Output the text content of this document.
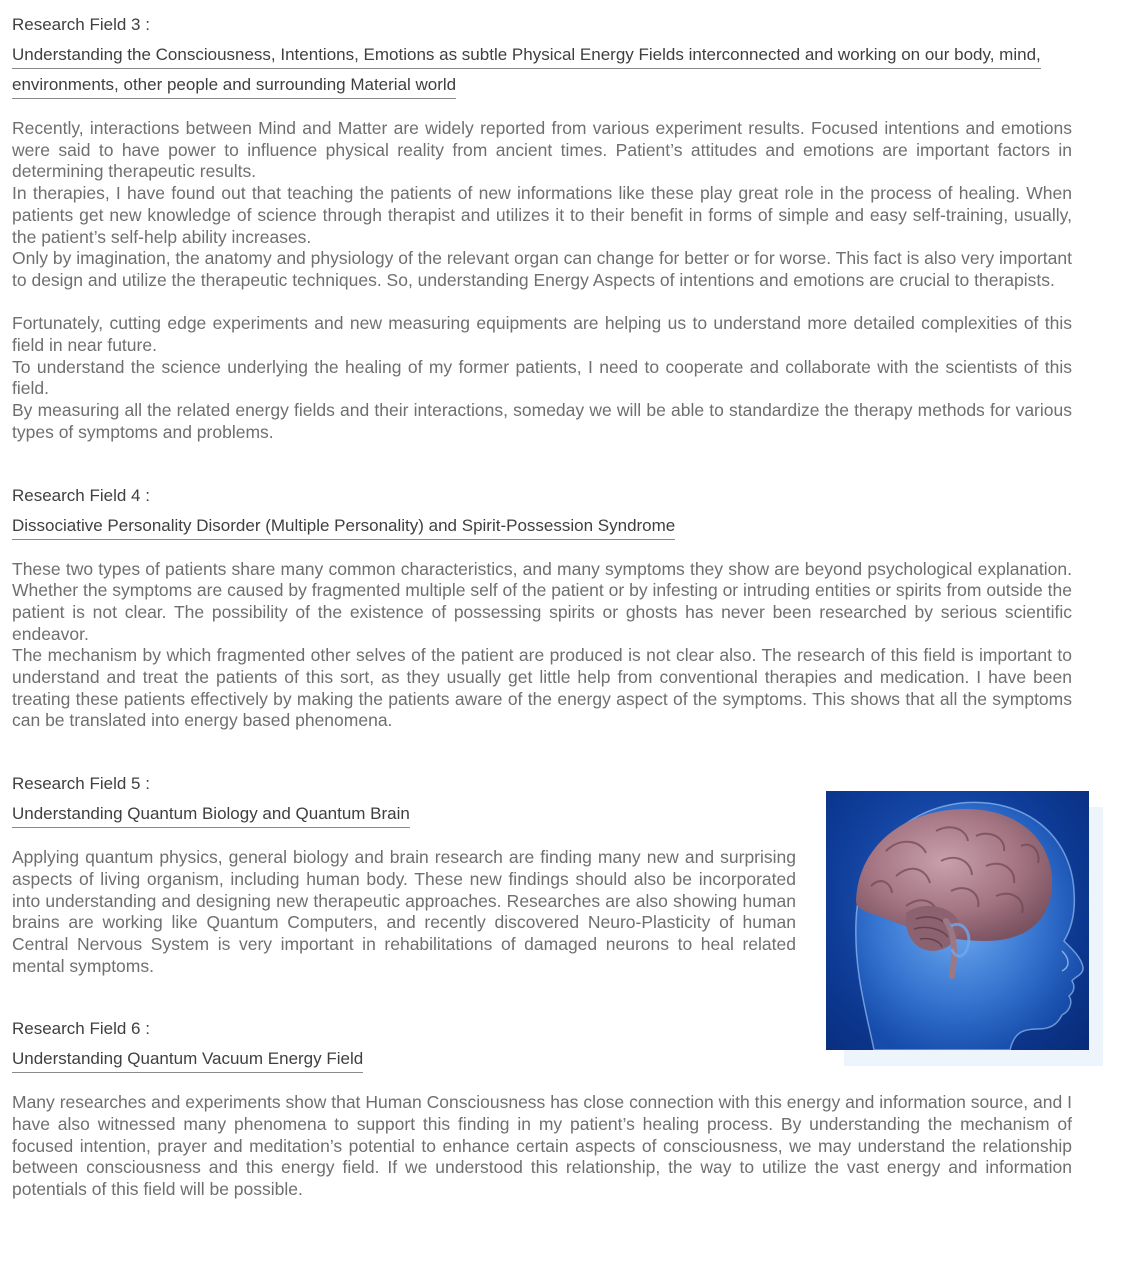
Research Field 3 :
Understanding the Consciousness, Intentions, Emotions as subtle Physical Energy Fields interconnected and working on our body, mind, environments, other people and surrounding Material world

Recently, interactions between Mind and Matter are widely reported from various experiment results. Focused intentions and emotions were said to have power to influence physical reality from ancient times. Patient’s attitudes and emotions are important factors in determining therapeutic results.

In therapies, I have found out that teaching the patients of new informations like these play great role in the process of healing. When patients get new knowledge of science through therapist and utilizes it to their benefit in forms of simple and easy self-training, usually, the patient’s self-help ability increases.

Only by imagination, the anatomy and physiology of the relevant organ can change for better or for worse. This fact is also very important to design and utilize the therapeutic techniques. So, understanding Energy Aspects of intentions and emotions are crucial to therapists.

Fortunately, cutting edge experiments and new measuring equipments are helping us to understand more detailed complexities of this field in near future.

To understand the science underlying the healing of my former patients, I need to cooperate and collaborate with the scientists of this field.

By measuring all the related energy fields and their interactions, someday we will be able to standardize the therapy methods for various types of symptoms and problems.

Research Field 4 :
Dissociative Personality Disorder (Multiple Personality) and Spirit-Possession Syndrome

These two types of patients share many common characteristics, and many symptoms they show are beyond psychological explanation. Whether the symptoms are caused by fragmented multiple self of the patient or by infesting or intruding entities or spirits from outside the patient is not clear. The possibility of the existence of possessing spirits or ghosts has never been researched by serious scientific endeavor.

The mechanism by which fragmented other selves of the patient are produced is not clear also. The research of this field is important to understand and treat the patients of this sort, as they usually get little help from conventional therapies and medication. I have been treating these patients effectively by making the patients aware of the energy aspect of the symptoms. This shows that all the symptoms can be translated into energy based phenomena.

Research Field 5 :
Understanding Quantum Biology and Quantum Brain

Applying quantum physics, general biology and brain research are finding many new and surprising aspects of living organism, including human body. These new findings should also be incorporated into understanding and designing new therapeutic approaches. Researches are also showing human brains are working like Quantum Computers, and recently discovered Neuro-Plasticity of human Central Nervous System is very important in rehabilitations of damaged neurons to heal related mental symptoms.

Research Field 6 :
Understanding Quantum Vacuum Energy Field

Many researches and experiments show that Human Consciousness has close connection with this energy and information source, and I have also witnessed many phenomena to support this finding in my patient’s healing process. By understanding the mechanism of focused intention, prayer and meditation’s potential to enhance certain aspects of consciousness, we may understand the relationship between consciousness and this energy field. If we understood this relationship, the way to utilize the vast energy and information potentials of this field will be possible.
